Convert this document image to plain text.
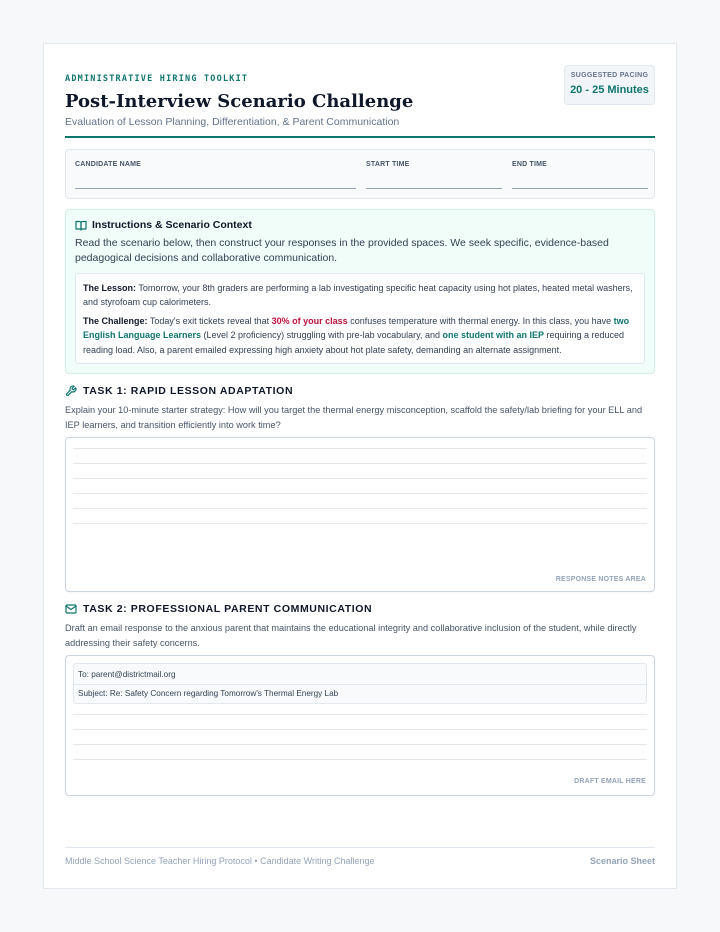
ADMINISTRATIVE HIRING TOOLKIT
Post-Interview Scenario Challenge
Evaluation of Lesson Planning, Differentiation, & Parent Communication
SUGGESTED PACING
20 - 25 Minutes
CANDIDATE NAME	START TIME	END TIME
Instructions & Scenario Context
Read the scenario below, then construct your responses in the provided spaces. We seek specific, evidence-based pedagogical decisions and collaborative communication.

The Lesson: Tomorrow, your 8th graders are performing a lab investigating specific heat capacity using hot plates, heated metal washers, and styrofoam cup calorimeters.

The Challenge: Today's exit tickets reveal that 30% of your class confuses temperature with thermal energy. In this class, you have two English Language Learners (Level 2 proficiency) struggling with pre-lab vocabulary, and one student with an IEP requiring a reduced reading load. Also, a parent emailed expressing high anxiety about hot plate safety, demanding an alternate assignment.

TASK 1: RAPID LESSON ADAPTATION
Explain your 10-minute starter strategy: How will you target the thermal energy misconception, scaffold the safety/lab briefing for your ELL and IEP learners, and transition efficiently into work time?
RESPONSE NOTES AREA
TASK 2: PROFESSIONAL PARENT COMMUNICATION
Draft an email response to the anxious parent that maintains the educational integrity and collaborative inclusion of the student, while directly addressing their safety concerns.
To: parent@districtmail.org
Subject: Re: Safety Concern regarding Tomorrow's Thermal Energy Lab
DRAFT EMAIL HERE
Middle School Science Teacher Hiring Protocol • Candidate Writing Challenge	Scenario Sheet
